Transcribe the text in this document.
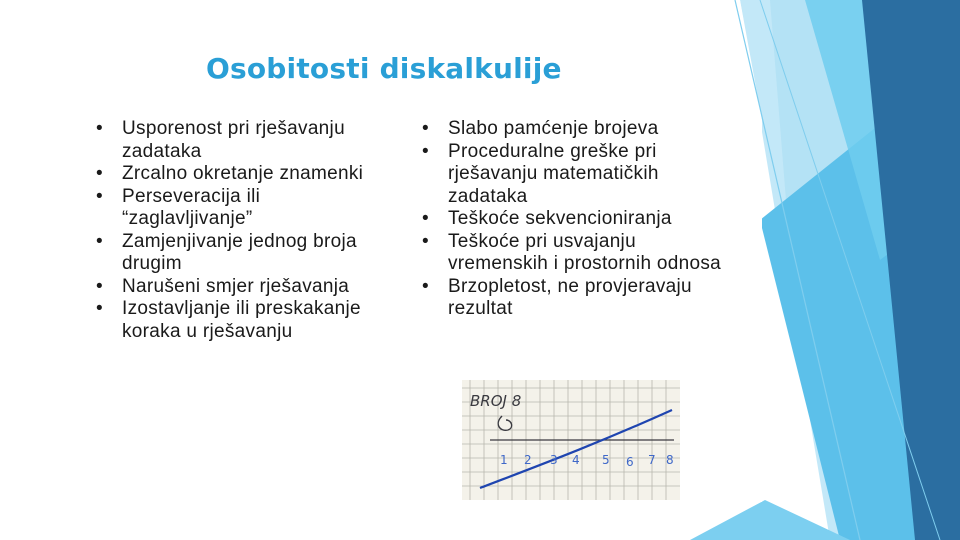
Osobitosti diskalkulije
• Usporenost pri rješavanju zadataka
• Zrcalno okretanje znamenki
• Perseveracija ili “zaglavljivanje”
• Zamjenjivanje jednog broja drugim
• Narušeni smjer rješavanja
• Izostavljanje ili preskakanje koraka u rješavanju
• Slabo pamćenje brojeva
• Proceduralne greške pri rješavanju matematičkih zadataka
• Teškoće sekvencioniranja
• Teškoće pri usvajanju vremenskih i prostornih odnosa
• Brzopletost, ne provjeravaju rezultat
BROJ 8
1 2 3 4 5 6 7 8
